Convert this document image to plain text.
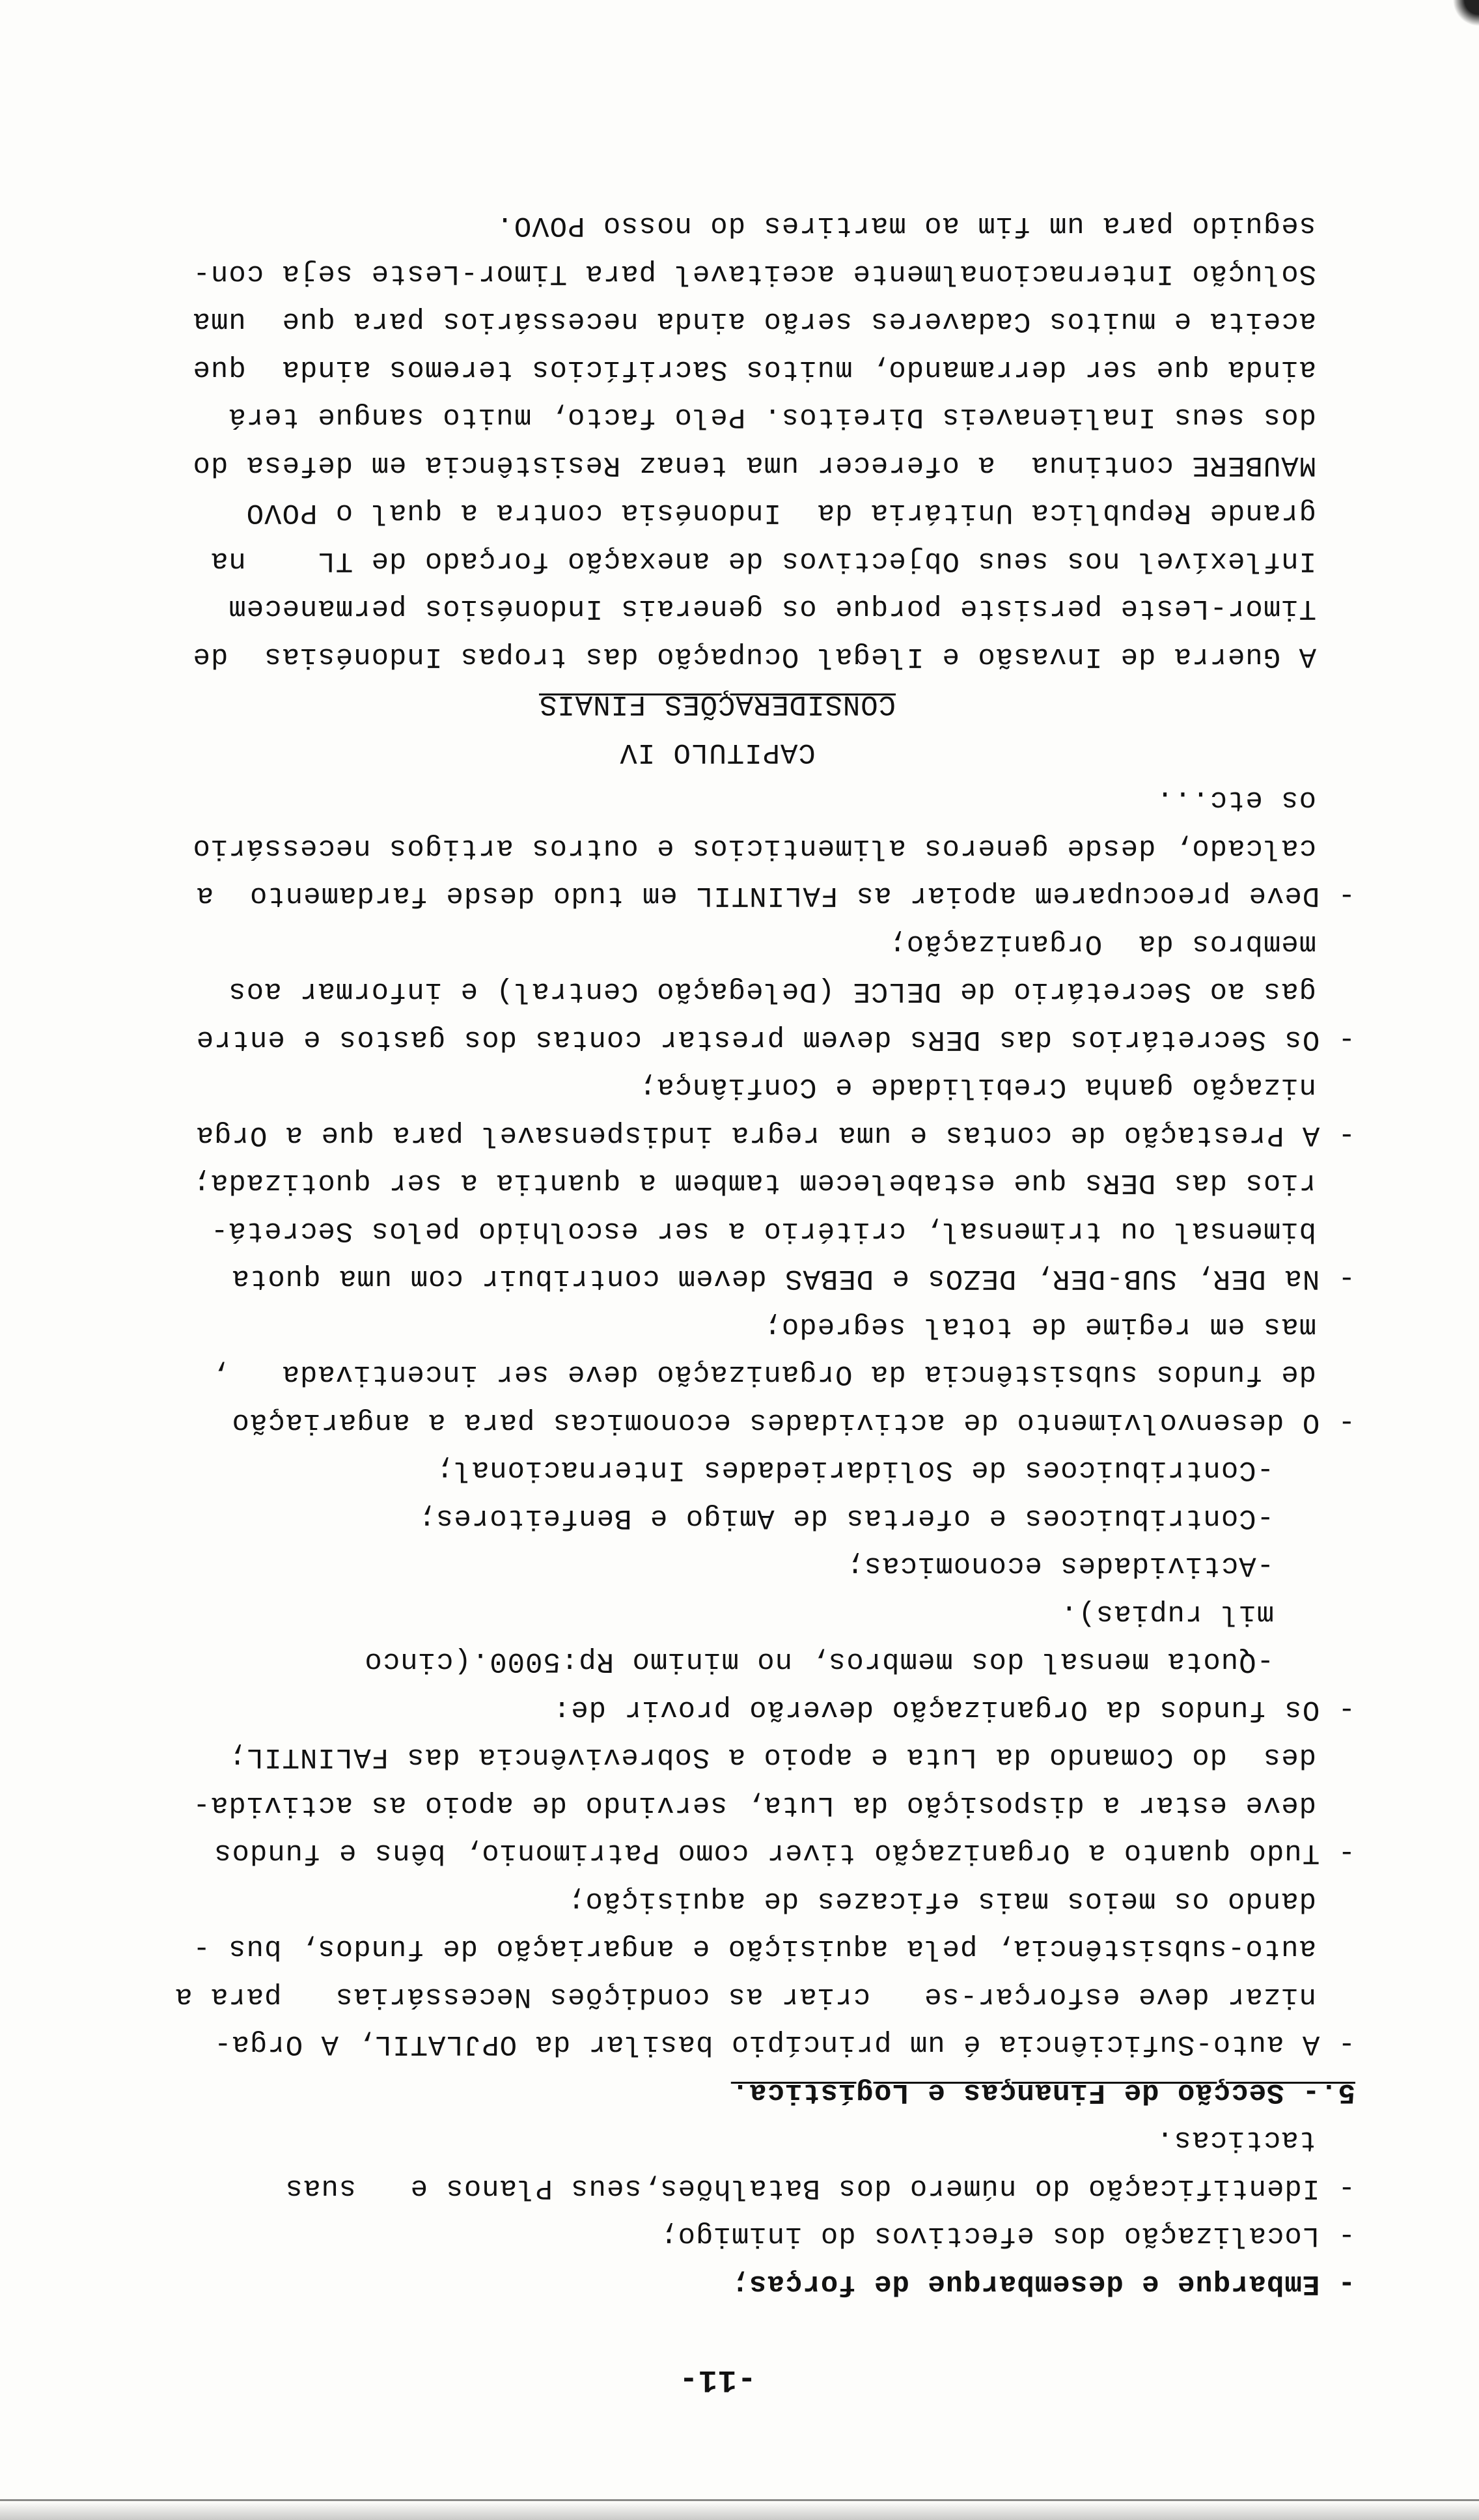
-11-
- Embarque e desembarque de forças;
- Localização dos efectivos do inimigo;
- Identificação do número dos Batalhões,seus Planos e   suas
tacticas.
5.- Secção de Finanças e Logística.
- A auto-Suficiência é um princípio basilar da OPJLATIL, A Orga-
nizar deve esforçar-se   criar as condições Necessárias   para a
auto-subsistência, pela aquisição e angariação de fundos, bus -
dando os meios mais eficazes de aquisição;
- Tudo quanto a Organização tiver como Patrimonio, bêns e fundos
deve estar a disposição da Luta, servindo de apoio as activida-
des  do Comando da Luta e apoio a Sobrevivência das FALINTIL;
- Os fundos da Organização deverão provir de:
-Quota mensal dos membros, no minimo Rp:5000.(cinco
mil rupias).
-Actividades economicas;
-Contribuicoes e ofertas de Amigo e Benfeitores;
-Contribuicoes de Solidariedades Internacional;
- O desenvolvimento de actividades economicas para a angariação
de fundos subsistência da Organização deve ser incentivada   ,
mas em regime de total segredo;
- Na DER, SUB-DER, DEZOs e DEBAS devem contribuir com uma quota
bimensal ou trimensal, critério a ser escolhido pelos Secretá-
rios das DERs que estabelecem tambem a quantia a ser quotizada;
- A Prestação de contas e uma regra indispensavel para que a Orga
nização ganha Crebilidade e Confiânça;
- Os Secretários das DERs devem prestar contas dos gastos e entre
gas ao Secretário de DELCE (Delegação Central) e informar aos
membros da  Organização;
- Deve preocuparem apoiar as FALINTIL em tudo desde fardamento  a
calcado, desde generos alimenticios e outros artigos necessário
os etc...
CAPITULO IV
CONSIDERAÇÕES FINAIS
A Guerra de Invasão e Ilegal Ocupação das tropas Indonésias  de
Timor-Leste persiste porque os generais Indonésios permanecem
Inflexível nos seus Objectivos de anexação forçado de TL    na
grande Republica Unitária da  Indonésia contra a qual o POVO
MAUBERE continua  a oferecer uma tenaz Resistência em defesa do
dos seus Inalienaveis Direitos. Pelo facto, muito sangue terá
ainda que ser derramando, muitos Sacrifícios teremos ainda  que
aceita e muitos Cadaveres serão ainda necessários para que  uma
Solução Internacionalmente aceitavel para Timor-Leste seja con-
seguido para um fim ao martires do nosso POVO.
